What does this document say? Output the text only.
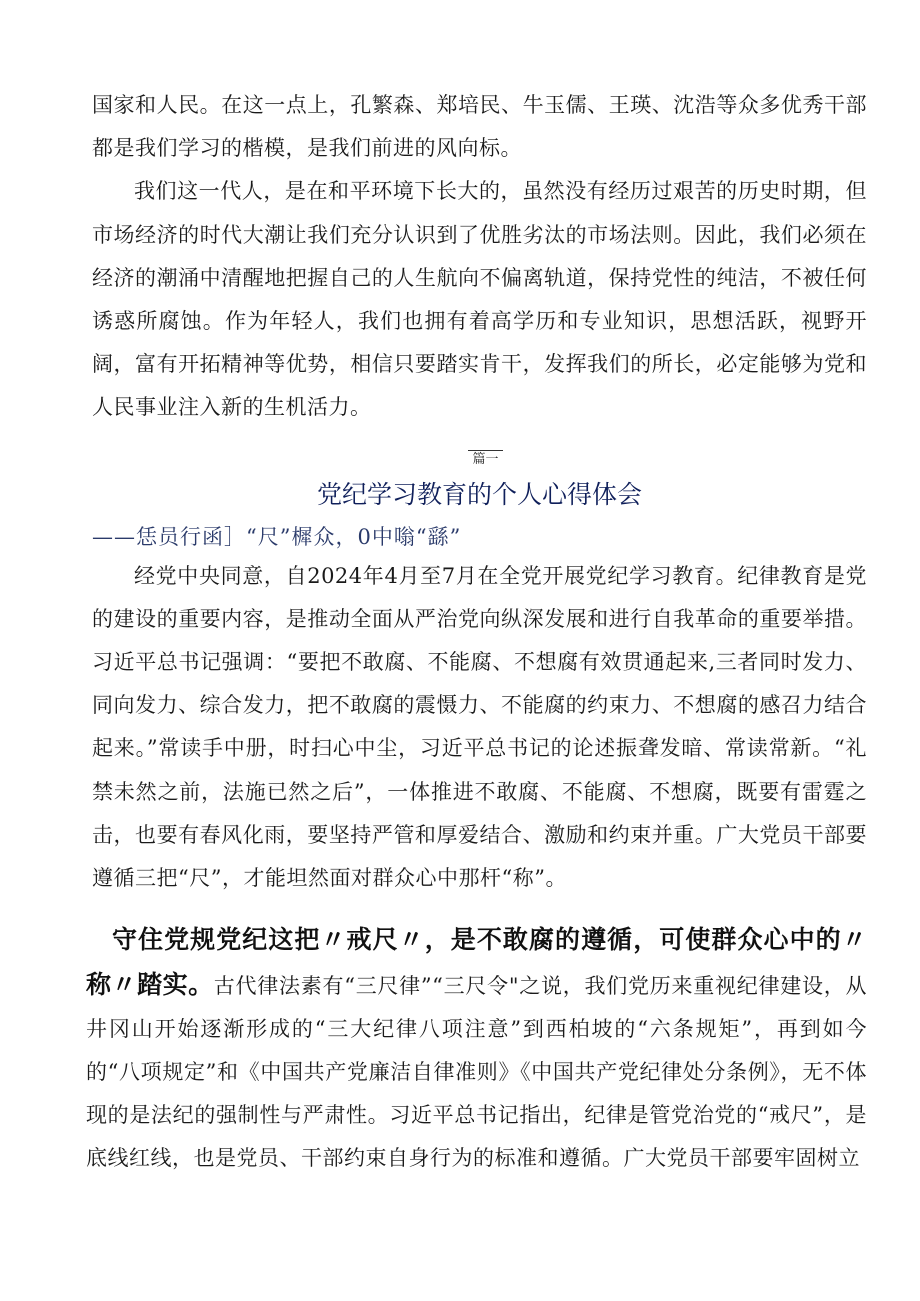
国家和人民。在这一点上，孔繁森、郑培民、牛玉儒、王瑛、沈浩等众多优秀干部都是我们学习的楷模，是我们前进的风向标。

我们这一代人，是在和平环境下长大的，虽然没有经历过艰苦的历史时期，但市场经济的时代大潮让我们充分认识到了优胜劣汰的市场法则。因此，我们必须在经济的潮涌中清醒地把握自己的人生航向不偏离轨道，保持党性的纯洁，不被任何诱惑所腐蚀。作为年轻人，我们也拥有着高学历和专业知识，思想活跃，视野开阔，富有开拓精神等优势，相信只要踏实肯干，发挥我们的所长，必定能够为党和人民事业注入新的生机活力。

篇一
党纪学习教育的个人心得体会

——恁员行函］“尺”樨众，0中嗡“繇”

经党中央同意，自2024年4月至7月在全党开展党纪学习教育。纪律教育是党的建设的重要内容，是推动全面从严治党向纵深发展和进行自我革命的重要举措。习近平总书记强调：“要把不敢腐、不能腐、不想腐有效贯通起来,三者同时发力、同向发力、综合发力，把不敢腐的震慑力、不能腐的约束力、不想腐的感召力结合起来。”常读手中册，时扫心中尘，习近平总书记的论述振聋发暗、常读常新。“礼禁未然之前，法施已然之后”，一体推进不敢腐、不能腐、不想腐，既要有雷霆之击，也要有春风化雨，要坚持严管和厚爱结合、激励和约束并重。广大党员干部要遵循三把“尺”，才能坦然面对群众心中那杆“称”。

守住党规党纪这把〃戒尺〃，是不敢腐的遵循，可使群众心中的〃称〃踏实。古代律法素有“三尺律”“三尺令"之说，我们党历来重视纪律建设，从井冈山开始逐渐形成的“三大纪律八项注意”到西柏坡的“六条规矩”，再到如今的“八项规定”和《中国共产党廉洁自律准则》《中国共产党纪律处分条例》，无不体现的是法纪的强制性与严肃性。习近平总书记指出，纪律是管党治党的“戒尺”，是底线红线，也是党员、干部约束自身行为的标准和遵循。广大党员干部要牢固树立
